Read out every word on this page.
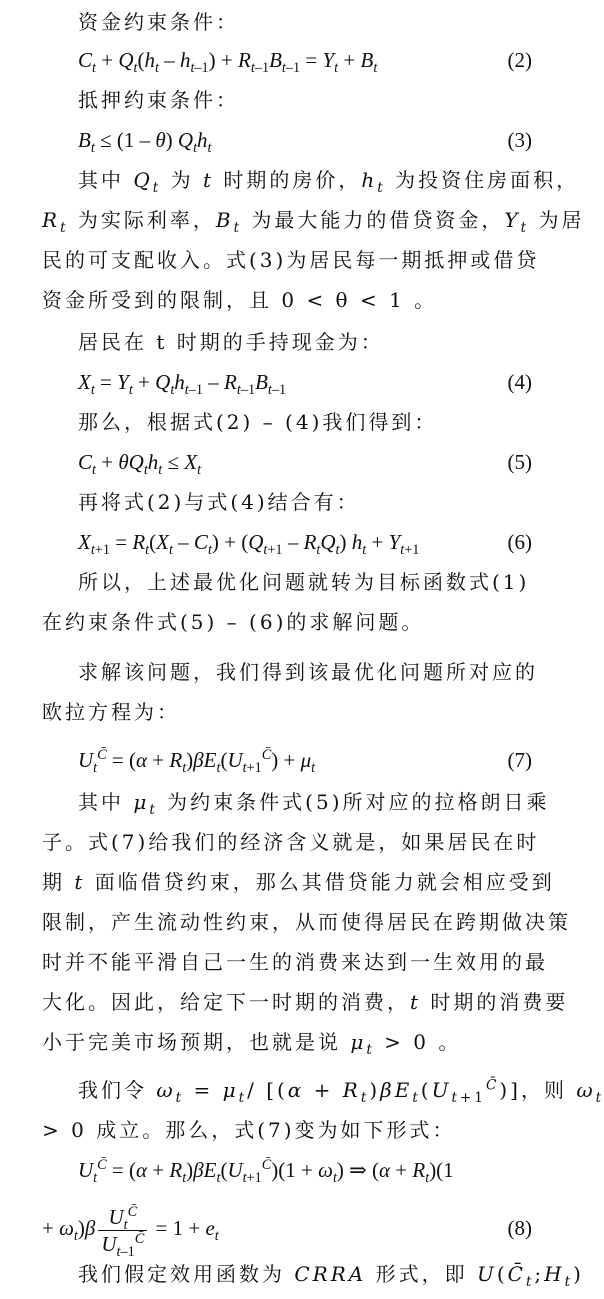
资金约束条件：
$C_t + Q_t(h_t - h_{t-1}) + R_{t-1}B_{t-1} = Y_t + B_t$	(2)
抵押约束条件：
$B_t \le (1 - \theta)$ $Q_th_t$	(3)
其中 $Q_t$ 为 t 时期的房价，$h_t$ 为投资住房面积，
$R_t$ 为实际利率，$B_t$ 为最大能力的借贷资金，$Y_t$ 为居
民的可支配收入。式(3)为居民每一期抵押或借贷
资金所受到的限制，且 0 < θ < 1 。
居民在 t 时期的手持现金为：
$X_t = Y_t + Q_th_{t-1} - R_{t-1}B_{t-1}$	(4)
那么，根据式(2) – (4)我们得到：
$C_t + \theta Q_th_t \le X_t$	(5)
再将式(2)与式(4)结合有：
$X_{t+1} = R_t(X_t - C_t) + (Q_{t+1} - R_tQ_t) h_t + Y_{t+1}$	(6)
所以，上述最优化问题就转为目标函数式(1)
在约束条件式(5) – (6)的求解问题。
求解该问题，我们得到该最优化问题所对应的
欧拉方程为：
$U_t^{C̄} = (\alpha + R_t)\beta E_t(U_{t+1}^{C̄}) + \mu_t$	(7)
其中 $\mu_t$ 为约束条件式(5)所对应的拉格朗日乘
子。式(7)给我们的经济含义就是，如果居民在时
期 t 面临借贷约束，那么其借贷能力就会相应受到
限制，产生流动性约束，从而使得居民在跨期做决策
时并不能平滑自己一生的消费来达到一生效用的最
大化。因此，给定下一时期的消费，t 时期的消费要
小于完美市场预期，也就是说 $\mu_t > 0$ 。
我们令 $\omega_t = \mu_t/$ $[(\alpha + R_t)\beta E_t(U_{t+1}^{C̄})]$，则 $\omega_t$
> 0 成立。那么，式(7)变为如下形式：
$U_t^{C̄} = (\alpha + R_t)\beta E_t(U_{t+1}^{C̄})(1 + \omega_t)$ ⇒ $(\alpha + R_t)(1$
+ $\omega_t)\beta \frac{U_t^{C̄}}{U_{t-1}^{C̄}} = 1 + e_t$	(8)
我们假定效用函数为 CRRA 形式，即 $U(C̄_t;H_t)$
